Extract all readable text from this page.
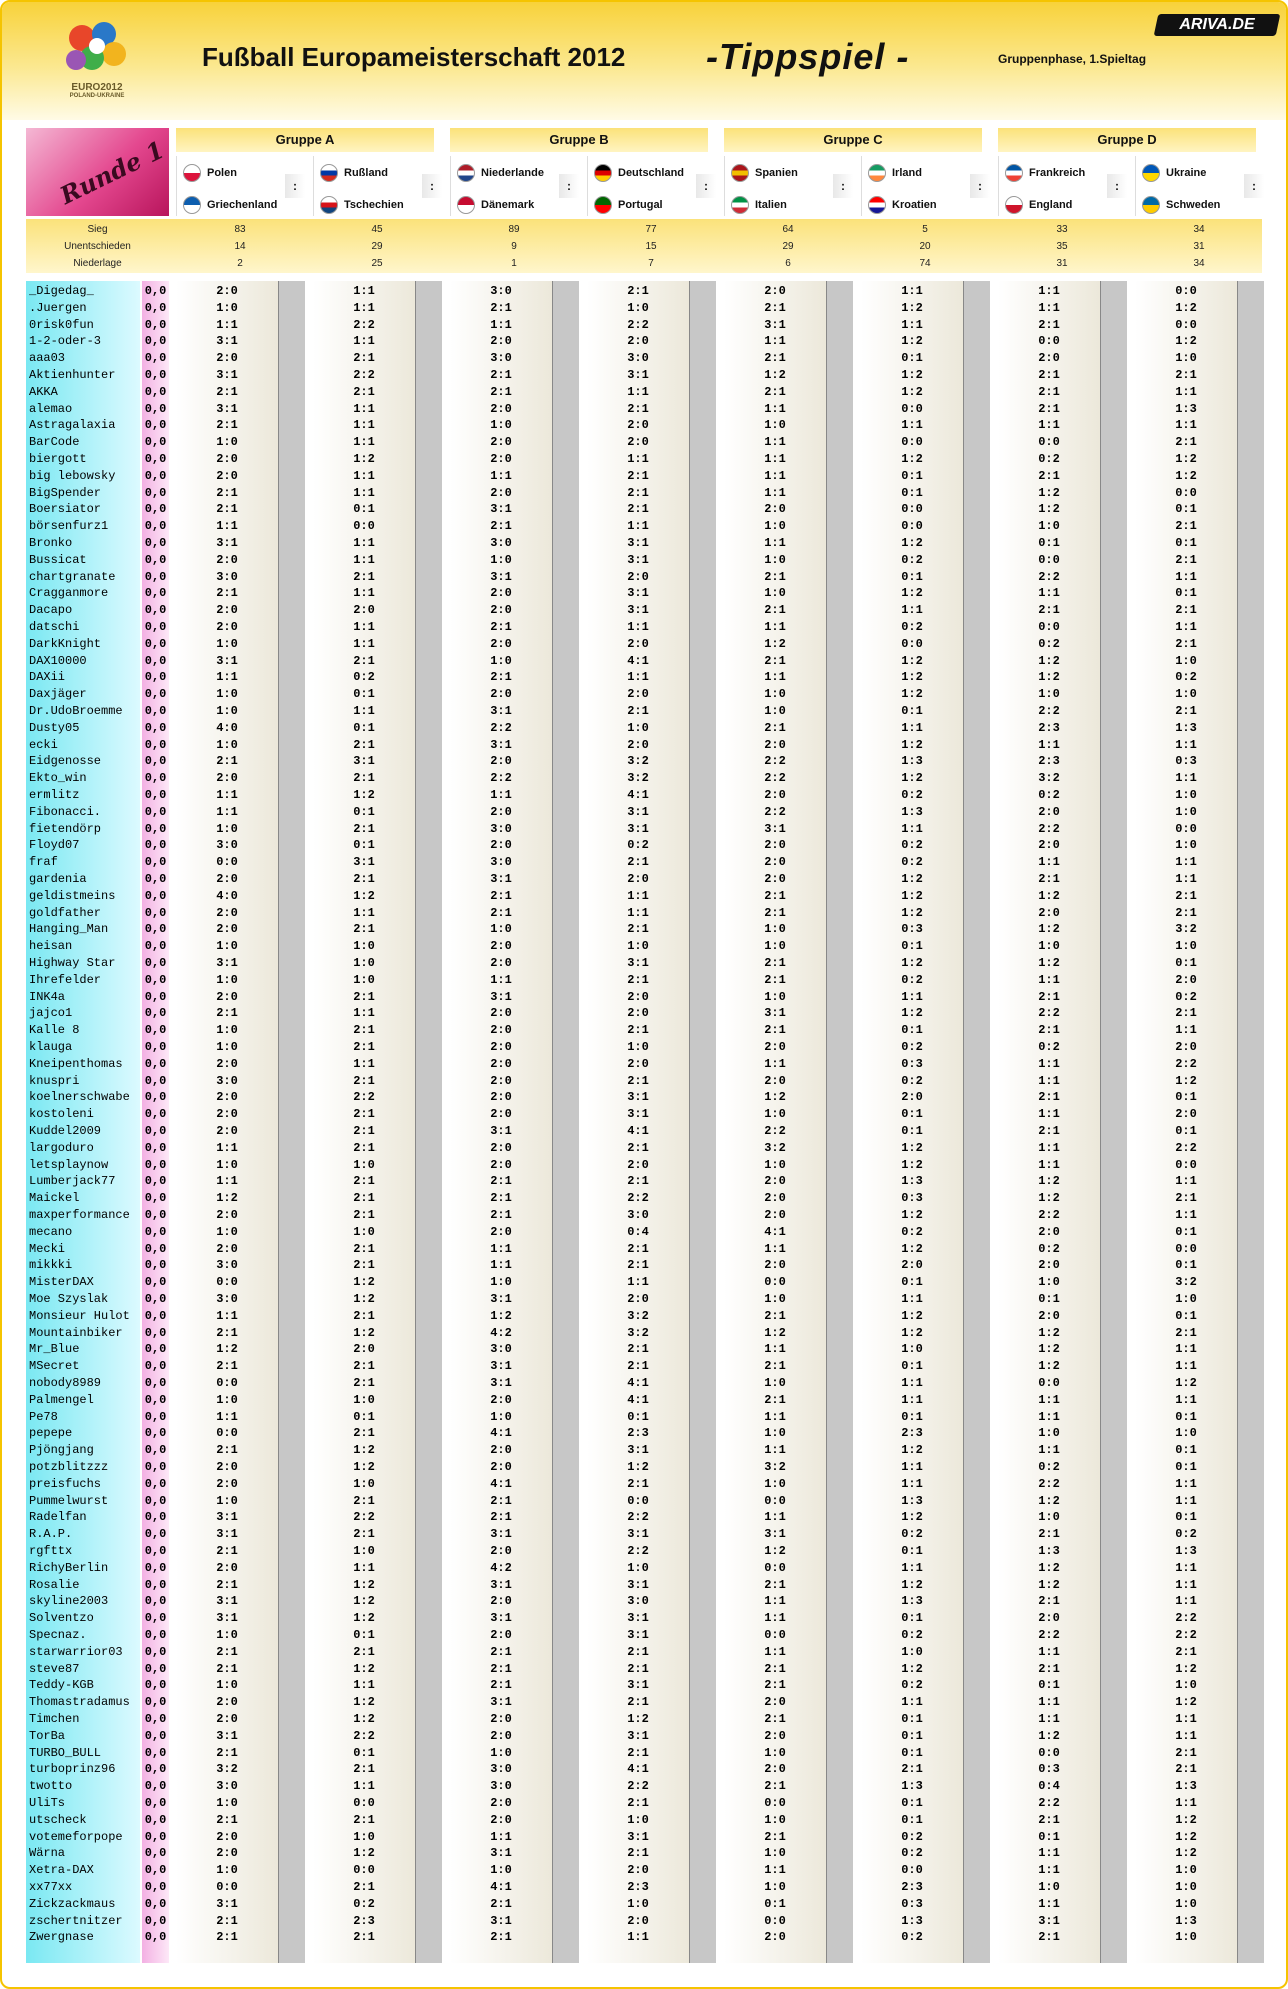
EURO2012
POLAND-UKRAINE
Fußball Europameisterschaft 2012 -Tippspiel -	Gruppenphase, 1.Spieltag
ARIVA.DE
Runde 1	Gruppe A	Gruppe B	Gruppe C	Gruppe D
Polen
Griechenland
:
Rußland
Tschechien
:
Niederlande
Dänemark
:
Deutschland
Portugal
:
Spanien
Italien
:
Irland
Kroatien
:
Frankreich
England
:
Ukraine
Schweden
:
Sieg
Unentschieden
Niederlage
83	45	89	77	64	5	33	34
14	29	9	15	29	20	35	31
2	25	1	7	6	74	31	34
_Digedag_	0,0	2:0	1:1	3:0	2:1	2:0	1:1	1:1	0:0
.Juergen	0,0	1:0	1:1	2:1	1:0	2:1	1:2	1:1	1:2
0risk0fun	0,0	1:1	2:2	1:1	2:2	3:1	1:1	2:1	0:0
1-2-oder-3	0,0	3:1	1:1	2:0	2:0	1:1	1:2	0:0	1:2
aaa03	0,0	2:0	2:1	3:0	3:0	2:1	0:1	2:0	1:0
Aktienhunter	0,0	3:1	2:2	2:1	3:1	1:2	1:2	2:1	2:1
AKKA	0,0	2:1	2:1	2:1	1:1	2:1	1:2	2:1	1:1
alemao	0,0	3:1	1:1	2:0	2:1	1:1	0:0	2:1	1:3
Astragalaxia	0,0	2:1	1:1	1:0	2:0	1:0	1:1	1:1	1:1
BarCode	0,0	1:0	1:1	2:0	2:0	1:1	0:0	0:0	2:1
biergott	0,0	2:0	1:2	2:0	1:1	1:1	1:2	0:2	1:2
big lebowsky	0,0	2:0	1:1	1:1	2:1	1:1	0:1	2:1	1:2
BigSpender	0,0	2:1	1:1	2:0	2:1	1:1	0:1	1:2	0:0
Boersiator	0,0	2:1	0:1	3:1	2:1	2:0	0:0	1:2	0:1
börsenfurz1	0,0	1:1	0:0	2:1	1:1	1:0	0:0	1:0	2:1
Bronko	0,0	3:1	1:1	3:0	3:1	1:1	1:2	0:1	0:1
Bussicat	0,0	2:0	1:1	1:0	3:1	1:0	0:2	0:0	2:1
chartgranate	0,0	3:0	2:1	3:1	2:0	2:1	0:1	2:2	1:1
Cragganmore	0,0	2:1	1:1	2:0	3:1	1:0	1:2	1:1	0:1
Dacapo	0,0	2:0	2:0	2:0	3:1	2:1	1:1	2:1	2:1
datschi	0,0	2:0	1:1	2:1	1:1	1:1	0:2	0:0	1:1
DarkKnight	0,0	1:0	1:1	2:0	2:0	1:2	0:0	0:2	2:1
DAX10000	0,0	3:1	2:1	1:0	4:1	2:1	1:2	1:2	1:0
DAXii	0,0	1:1	0:2	2:1	1:1	1:1	1:2	1:2	0:2
Daxjäger	0,0	1:0	0:1	2:0	2:0	1:0	1:2	1:0	1:0
Dr.UdoBroemme	0,0	1:0	1:1	3:1	2:1	1:0	0:1	2:2	2:1
Dusty05	0,0	4:0	0:1	2:2	1:0	2:1	1:1	2:3	1:3
ecki	0,0	1:0	2:1	3:1	2:0	2:0	1:2	1:1	1:1
Eidgenosse	0,0	2:1	3:1	2:0	3:2	2:2	1:3	2:3	0:3
Ekto_win	0,0	2:0	2:1	2:2	3:2	2:2	1:2	3:2	1:1
ermlitz	0,0	1:1	1:2	1:1	4:1	2:0	0:2	0:2	1:0
Fibonacci.	0,0	1:1	0:1	2:0	3:1	2:2	1:3	2:0	1:0
fietendörp	0,0	1:0	2:1	3:0	3:1	3:1	1:1	2:2	0:0
Floyd07	0,0	3:0	0:1	2:0	0:2	2:0	0:2	2:0	1:0
fraf	0,0	0:0	3:1	3:0	2:1	2:0	0:2	1:1	1:1
gardenia	0,0	2:0	2:1	3:1	2:0	2:0	1:2	2:1	1:1
geldistmeins	0,0	4:0	1:2	2:1	1:1	2:1	1:2	1:2	2:1
goldfather	0,0	2:0	1:1	2:1	1:1	2:1	1:2	2:0	2:1
Hanging_Man	0,0	2:0	2:1	1:0	2:1	1:0	0:3	1:2	3:2
heisan	0,0	1:0	1:0	2:0	1:0	1:0	0:1	1:0	1:0
Highway Star	0,0	3:1	1:0	2:0	3:1	2:1	1:2	1:2	0:1
Ihrefelder	0,0	1:0	1:0	1:1	2:1	2:1	0:2	1:1	2:0
INK4a	0,0	2:0	2:1	3:1	2:0	1:0	1:1	2:1	0:2
jajco1	0,0	2:1	1:1	2:0	2:0	3:1	1:2	2:2	2:1
Kalle 8	0,0	1:0	2:1	2:0	2:1	2:1	0:1	2:1	1:1
klauga	0,0	1:0	2:1	2:0	1:0	2:0	0:2	0:2	2:0
Kneipenthomas	0,0	2:0	1:1	2:0	2:0	1:1	0:3	1:1	2:2
knuspri	0,0	3:0	2:1	2:0	2:1	2:0	0:2	1:1	1:2
koelnerschwabe	0,0	2:0	2:2	2:0	3:1	1:2	2:0	2:1	0:1
kostoleni	0,0	2:0	2:1	2:0	3:1	1:0	0:1	1:1	2:0
Kuddel2009	0,0	2:0	2:1	3:1	4:1	2:2	0:1	2:1	0:1
largoduro	0,0	1:1	2:1	2:0	2:1	3:2	1:2	1:1	2:2
letsplaynow	0,0	1:0	1:0	2:0	2:0	1:0	1:2	1:1	0:0
Lumberjack77	0,0	1:1	2:1	2:1	2:1	2:0	1:3	1:2	1:1
Maickel	0,0	1:2	2:1	2:1	2:2	2:0	0:3	1:2	2:1
maxperformance	0,0	2:0	2:1	2:1	3:0	2:0	1:2	2:2	1:1
mecano	0,0	1:0	1:0	2:0	0:4	4:1	0:2	2:0	0:1
Mecki	0,0	2:0	2:1	1:1	2:1	1:1	1:2	0:2	0:0
mikkki	0,0	3:0	2:1	1:1	2:1	2:0	2:0	2:0	0:1
MisterDAX	0,0	0:0	1:2	1:0	1:1	0:0	0:1	1:0	3:2
Moe Szyslak	0,0	3:0	1:2	3:1	2:0	1:0	1:1	0:1	1:0
Monsieur Hulot	0,0	1:1	2:1	1:2	3:2	2:1	1:2	2:0	0:1
Mountainbiker	0,0	2:1	1:2	4:2	3:2	1:2	1:2	1:2	2:1
Mr_Blue	0,0	1:2	2:0	3:0	2:1	1:1	1:0	1:2	1:1
MSecret	0,0	2:1	2:1	3:1	2:1	2:1	0:1	1:2	1:1
nobody8989	0,0	0:0	2:1	3:1	4:1	1:0	1:1	0:0	1:2
Palmengel	0,0	1:0	1:0	2:0	4:1	2:1	1:1	1:1	1:1
Pe78	0,0	1:1	0:1	1:0	0:1	1:1	0:1	1:1	0:1
pepepe	0,0	0:0	2:1	4:1	2:3	1:0	2:3	1:0	1:0
Pjöngjang	0,0	2:1	1:2	2:0	3:1	1:1	1:2	1:1	0:1
potzblitzzz	0,0	2:0	1:2	2:0	1:2	3:2	1:1	0:2	0:1
preisfuchs	0,0	2:0	1:0	4:1	2:1	1:0	1:1	2:2	1:1
Pummelwurst	0,0	1:0	2:1	2:1	0:0	0:0	1:3	1:2	1:1
Radelfan	0,0	3:1	2:2	2:1	2:2	1:1	1:2	1:0	0:1
R.A.P.	0,0	3:1	2:1	3:1	3:1	3:1	0:2	2:1	0:2
rgfttx	0,0	2:1	1:0	2:0	2:2	1:2	0:1	1:3	1:3
RichyBerlin	0,0	2:0	1:1	4:2	1:0	0:0	1:1	1:2	1:1
Rosalie	0,0	2:1	1:2	3:1	3:1	2:1	1:2	1:2	1:1
skyline2003	0,0	3:1	1:2	2:0	3:0	1:1	1:3	2:1	1:1
Solventzo	0,0	3:1	1:2	3:1	3:1	1:1	0:1	2:0	2:2
Specnaz.	0,0	1:0	0:1	2:0	3:1	0:0	0:2	2:2	2:2
starwarrior03	0,0	2:1	2:1	2:1	2:1	1:1	1:0	1:1	2:1
steve87	0,0	2:1	1:2	2:1	2:1	2:1	1:2	2:1	1:2
Teddy-KGB	0,0	1:0	1:1	2:1	3:1	2:1	0:2	0:1	1:0
Thomastradamus	0,0	2:0	1:2	3:1	2:1	2:0	1:1	1:1	1:2
Timchen	0,0	2:0	1:2	2:0	1:2	2:1	0:1	1:1	1:1
TorBa	0,0	3:1	2:2	2:0	3:1	2:0	0:1	1:2	1:1
TURBO_BULL	0,0	2:1	0:1	1:0	2:1	1:0	0:1	0:0	2:1
turboprinz96	0,0	3:2	2:1	3:0	4:1	2:0	2:1	0:3	2:1
twotto	0,0	3:0	1:1	3:0	2:2	2:1	1:3	0:4	1:3
UliTs	0,0	1:0	0:0	2:0	2:1	0:0	0:1	2:2	1:1
utscheck	0,0	2:1	2:1	2:0	1:0	1:0	0:1	2:1	1:2
votemeforpope	0,0	2:0	1:0	1:1	3:1	2:1	0:2	0:1	1:2
Wärna	0,0	2:0	1:2	3:1	2:1	1:0	0:2	1:1	1:2
Xetra-DAX	0,0	1:0	0:0	1:0	2:0	1:1	0:0	1:1	1:0
xx77xx	0,0	0:0	2:1	4:1	2:3	1:0	2:3	1:0	1:0
Zickzackmaus	0,0	3:1	0:2	2:1	1:0	0:1	0:3	1:1	1:0
zschertnitzer	0,0	2:1	2:3	3:1	2:0	0:0	1:3	3:1	1:3
Zwergnase	0,0	2:1	2:1	2:1	1:1	2:0	0:2	2:1	1:0
